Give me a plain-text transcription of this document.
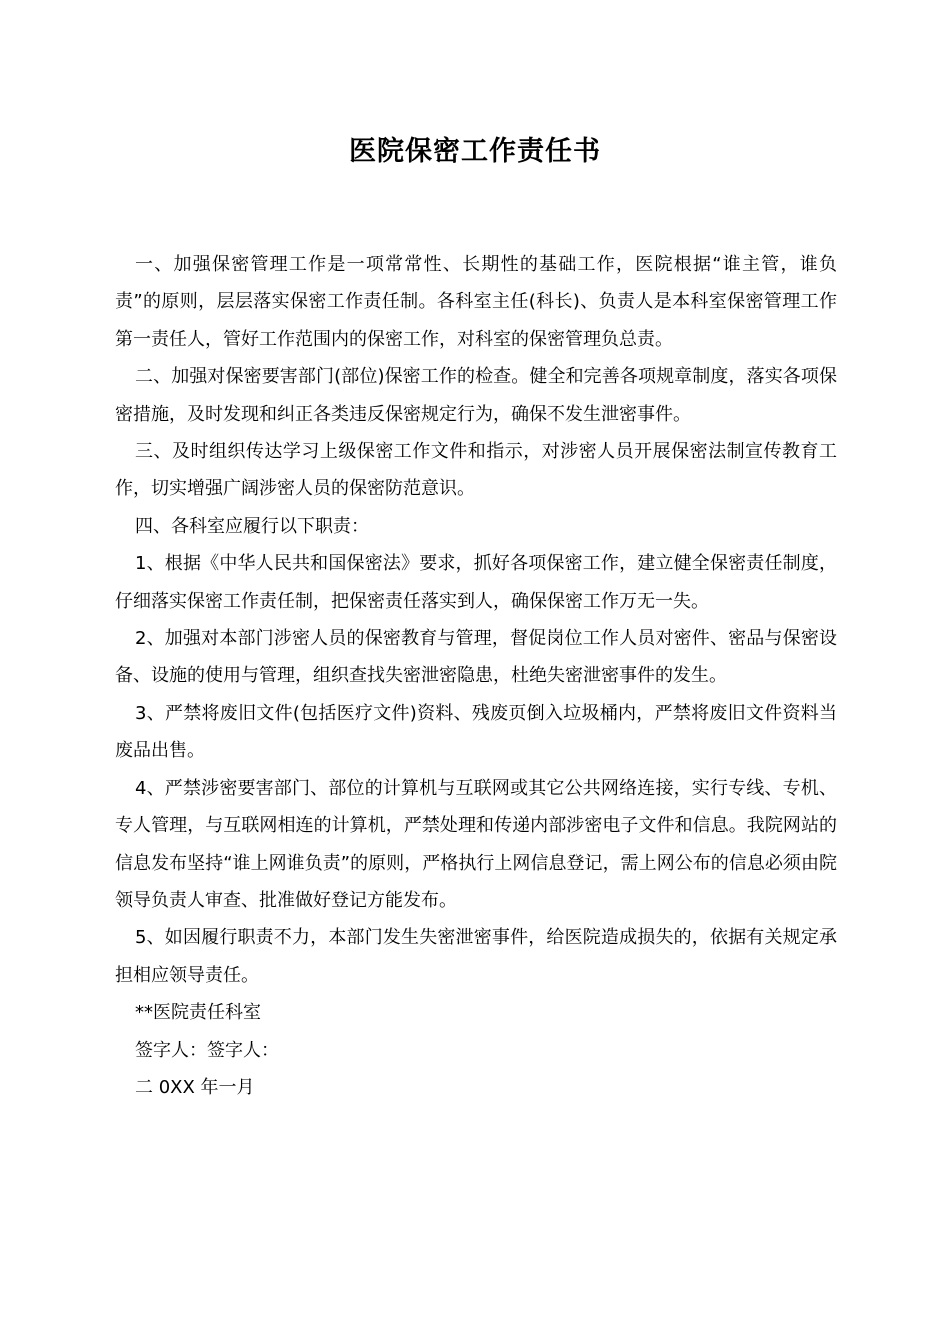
医院保密工作责任书

一、加强保密管理工作是一项常常性、长期性的基础工作，医院根据“谁主管，谁负责”的原则，层层落实保密工作责任制。各科室主任(科长)、负责人是本科室保密管理工作第一责任人，管好工作范围内的保密工作，对科室的保密管理负总责。

二、加强对保密要害部门(部位)保密工作的检查。健全和完善各项规章制度，落实各项保密措施，及时发现和纠正各类违反保密规定行为，确保不发生泄密事件。

三、及时组织传达学习上级保密工作文件和指示，对涉密人员开展保密法制宣传教育工作，切实增强广阔涉密人员的保密防范意识。

四、各科室应履行以下职责：

1、根据《中华人民共和国保密法》要求，抓好各项保密工作，建立健全保密责任制度，仔细落实保密工作责任制，把保密责任落实到人，确保保密工作万无一失。

2、加强对本部门涉密人员的保密教育与管理，督促岗位工作人员对密件、密品与保密设备、设施的使用与管理，组织查找失密泄密隐患，杜绝失密泄密事件的发生。

3、严禁将废旧文件(包括医疗文件)资料、残废页倒入垃圾桶内，严禁将废旧文件资料当废品出售。

4、严禁涉密要害部门、部位的计算机与互联网或其它公共网络连接，实行专线、专机、专人管理，与互联网相连的计算机，严禁处理和传递内部涉密电子文件和信息。我院网站的信息发布坚持“谁上网谁负责”的原则，严格执行上网信息登记，需上网公布的信息必须由院领导负责人审查、批准做好登记方能发布。

5、如因履行职责不力，本部门发生失密泄密事件，给医院造成损失的，依据有关规定承担相应领导责任。

**医院责任科室

签字人：签字人：

二 0XX 年一月
